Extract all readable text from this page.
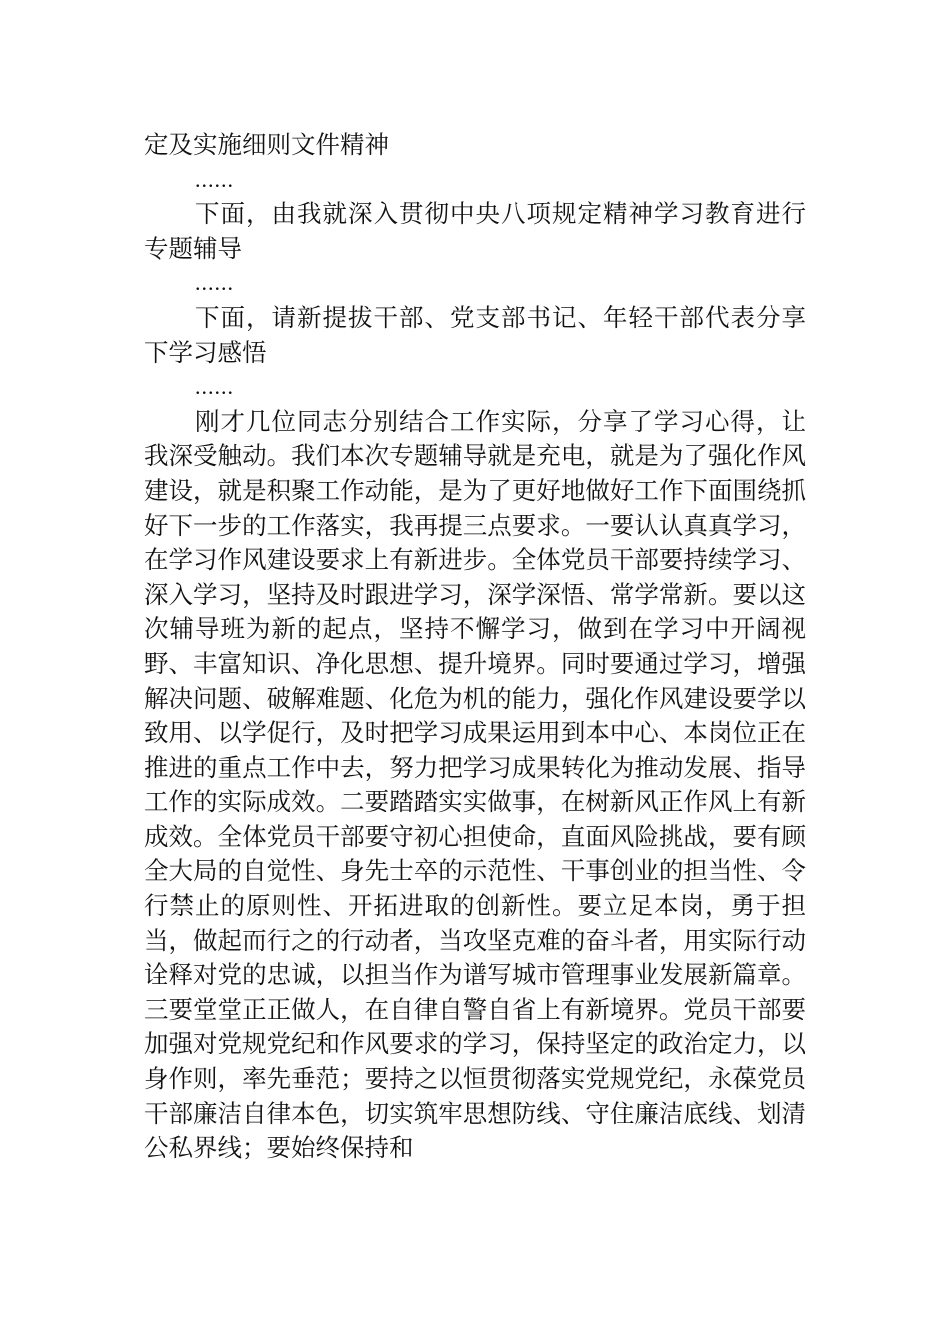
定及实施细则文件精神

......

下面，由我就深入贯彻中央八项规定精神学习教育进行专题辅导

......

下面，请新提拔干部、党支部书记、年轻干部代表分享下学习感悟

......

刚才几位同志分别结合工作实际，分享了学习心得，让我深受触动。我们本次专题辅导就是充电，就是为了强化作风建设，就是积聚工作动能，是为了更好地做好工作下面围绕抓好下一步的工作落实，我再提三点要求。一要认认真真学习，在学习作风建设要求上有新进步。全体党员干部要持续学习、深入学习，坚持及时跟进学习，深学深悟、常学常新。要以这次辅导班为新的起点，坚持不懈学习，做到在学习中开阔视野、丰富知识、净化思想、提升境界。同时要通过学习，增强解决问题、破解难题、化危为机的能力，强化作风建设要学以致用、以学促行，及时把学习成果运用到本中心、本岗位正在推进的重点工作中去，努力把学习成果转化为推动发展、指导工作的实际成效。二要踏踏实实做事，在树新风正作风上有新成效。全体党员干部要守初心担使命，直面风险挑战，要有顾全大局的自觉性、身先士卒的示范性、干事创业的担当性、令行禁止的原则性、开拓进取的创新性。要立足本岗，勇于担当，做起而行之的行动者，当攻坚克难的奋斗者，用实际行动诠释对党的忠诚，以担当作为谱写城市管理事业发展新篇章。三要堂堂正正做人，在自律自警自省上有新境界。党员干部要加强对党规党纪和作风要求的学习，保持坚定的政治定力，以身作则，率先垂范；要持之以恒贯彻落实党规党纪，永葆党员干部廉洁自律本色，切实筑牢思想防线、守住廉洁底线、划清公私界线；要始终保持和
